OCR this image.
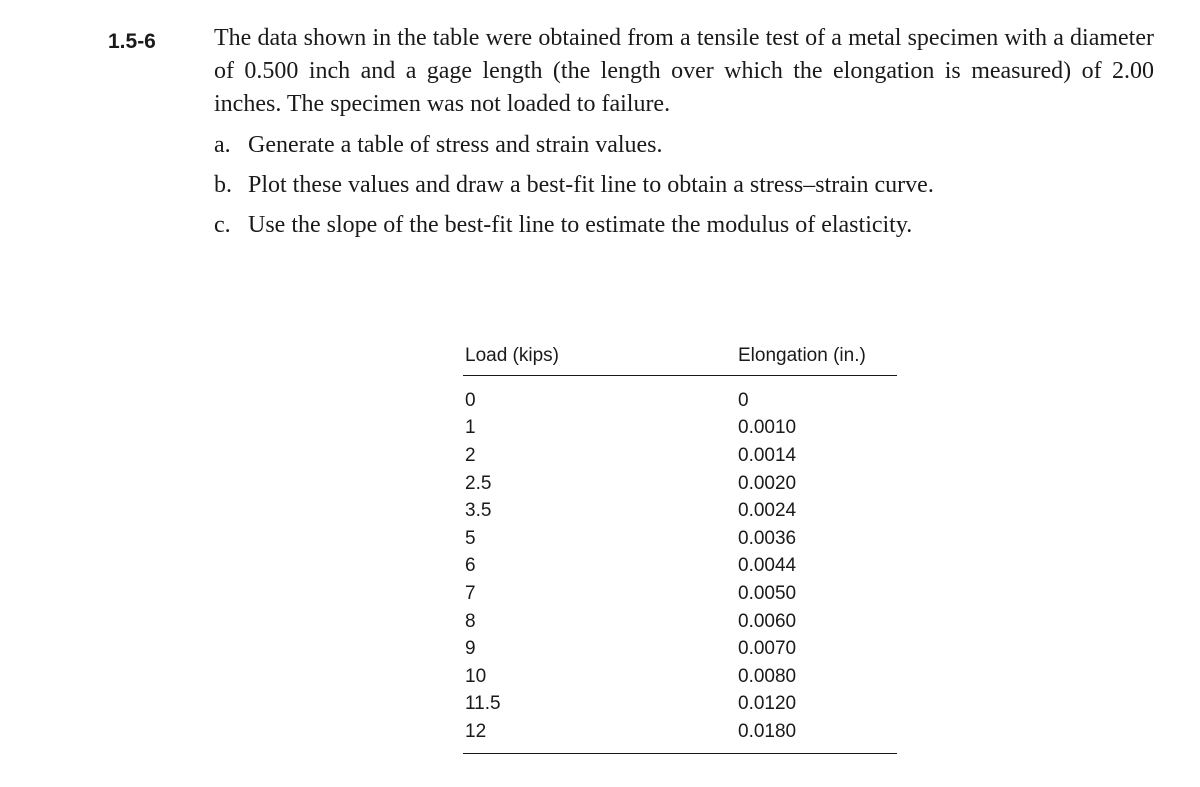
1.5-6 The data shown in the table were obtained from a tensile test of a metal specimen with a diameter of 0.500 inch and a gage length (the length over which the elongation is measured) of 2.00 inches. The specimen was not loaded to failure.

a. Generate a table of stress and strain values.
b. Plot these values and draw a best-fit line to obtain a stress–strain curve.
c. Use the slope of the best-fit line to estimate the modulus of elasticity.
Load (kips)	Elongation (in.)
0	0
1	0.0010
2	0.0014
2.5	0.0020
3.5	0.0024
5	0.0036
6	0.0044
7	0.0050
8	0.0060
9	0.0070
10	0.0080
11.5	0.0120
12	0.0180
